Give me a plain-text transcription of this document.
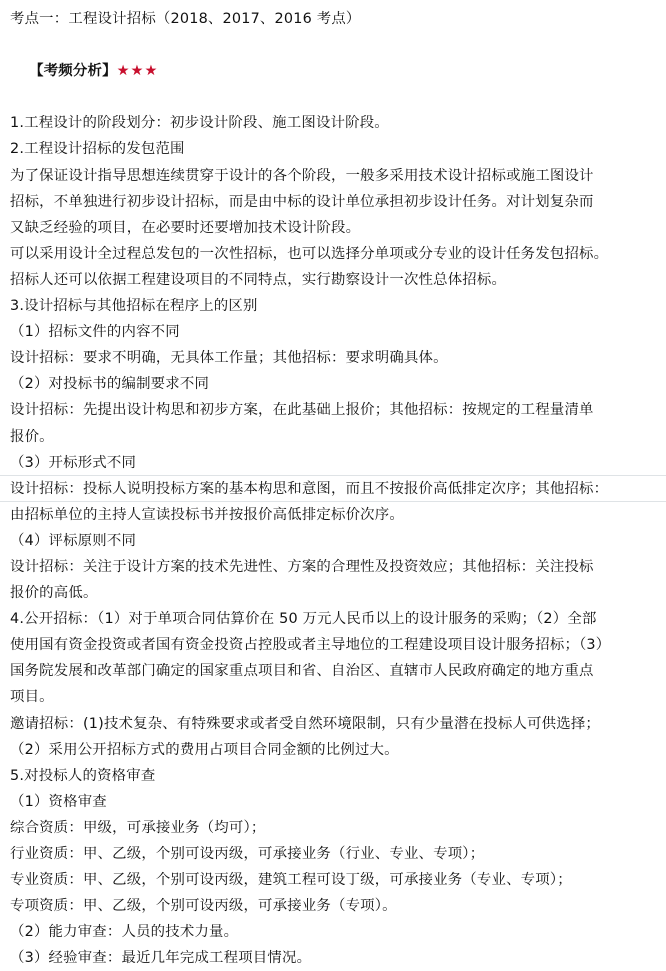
考点一：工程设计招标（2018、2017、2016 考点）

【考频分析】★★★

1.工程设计的阶段划分：初步设计阶段、施工图设计阶段。
2.工程设计招标的发包范围
为了保证设计指导思想连续贯穿于设计的各个阶段，一般多采用技术设计招标或施工图设计
招标，不单独进行初步设计招标，而是由中标的设计单位承担初步设计任务。对计划复杂而
又缺乏经验的项目，在必要时还要增加技术设计阶段。
可以采用设计全过程总发包的一次性招标，也可以选择分单项或分专业的设计任务发包招标。
招标人还可以依据工程建设项目的不同特点，实行勘察设计一次性总体招标。
3.设计招标与其他招标在程序上的区别
（1）招标文件的内容不同
设计招标：要求不明确，无具体工作量；其他招标：要求明确具体。
（2）对投标书的编制要求不同
设计招标：先提出设计构思和初步方案，在此基础上报价；其他招标：按规定的工程量清单
报价。
（3）开标形式不同
设计招标：投标人说明投标方案的基本构思和意图，而且不按报价高低排定次序；其他招标：
由招标单位的主持人宣读投标书并按报价高低排定标价次序。
（4）评标原则不同
设计招标：关注于设计方案的技术先进性、方案的合理性及投资效应；其他招标：关注投标
报价的高低。
4.公开招标：（1）对于单项合同估算价在 50 万元人民币以上的设计服务的采购；（2）全部
使用国有资金投资或者国有资金投资占控股或者主导地位的工程建设项目设计服务招标；（3）
国务院发展和改革部门确定的国家重点项目和省、自治区、直辖市人民政府确定的地方重点
项目。
邀请招标：(1)技术复杂、有特殊要求或者受自然环境限制，只有少量潜在投标人可供选择；
（2）采用公开招标方式的费用占项目合同金额的比例过大。
5.对投标人的资格审查
（1）资格审查
综合资质：甲级，可承接业务（均可）；
行业资质：甲、乙级，个别可设丙级，可承接业务（行业、专业、专项）；
专业资质：甲、乙级，个别可设丙级，建筑工程可设丁级，可承接业务（专业、专项）；
专项资质：甲、乙级，个别可设丙级，可承接业务（专项）。
（2）能力审查：人员的技术力量。
（3）经验审查：最近几年完成工程项目情况。
